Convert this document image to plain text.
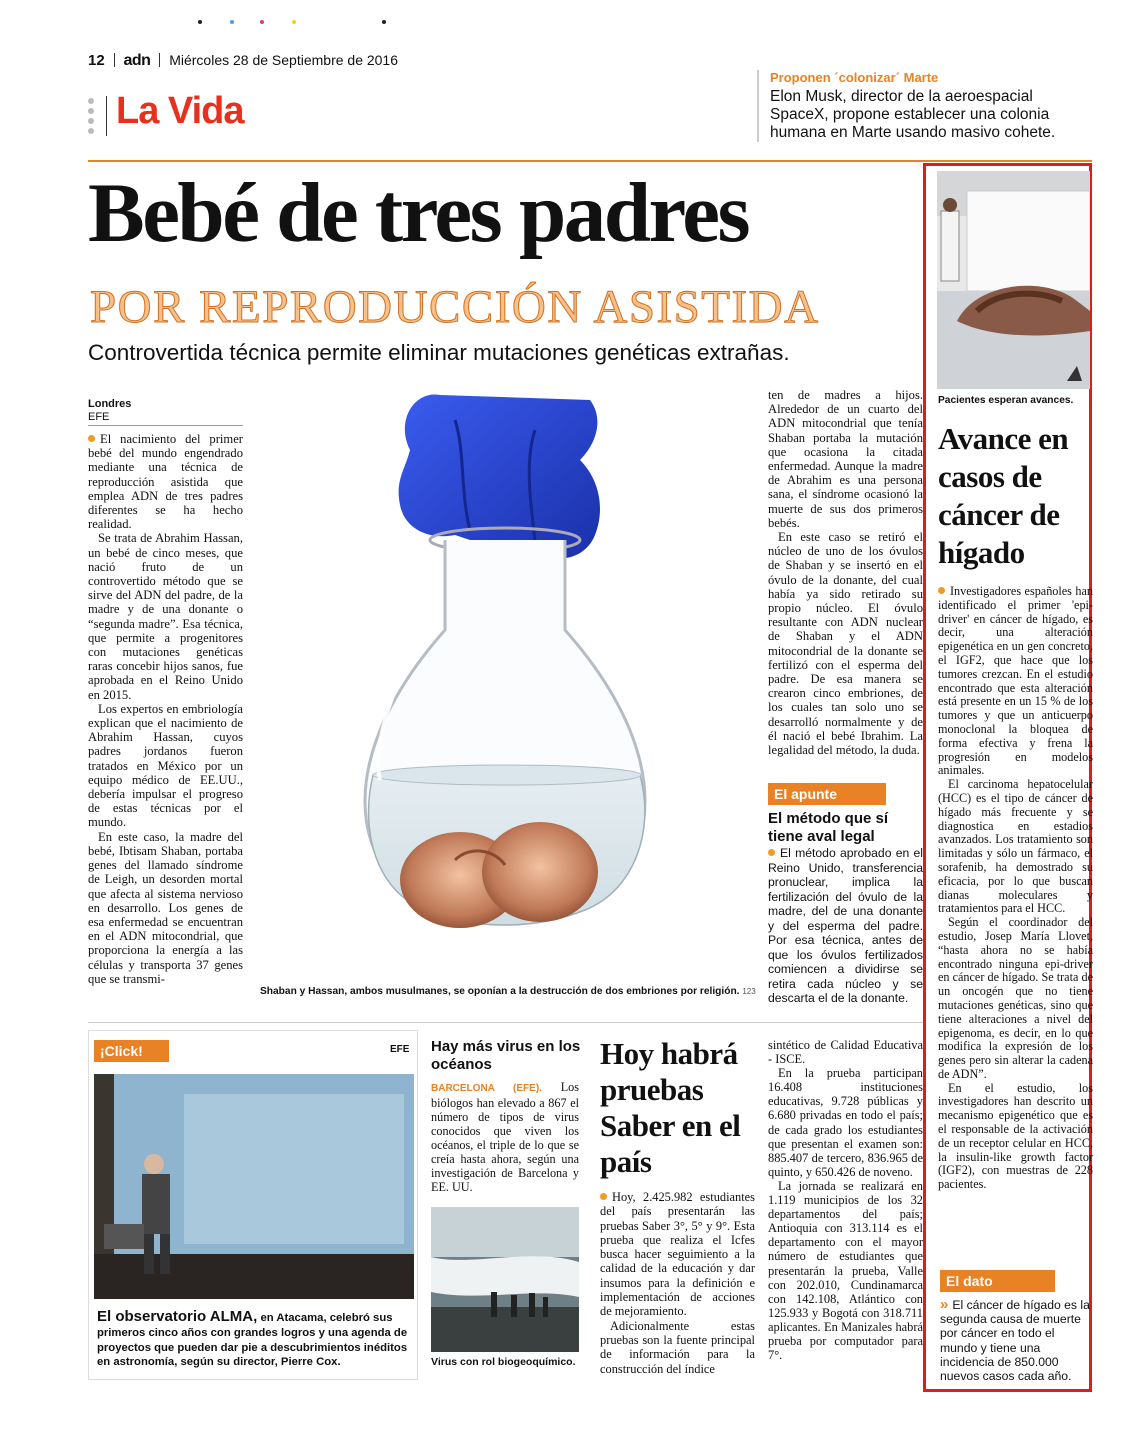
12 adn Miércoles 28 de Septiembre de 2016
La Vida
Proponen ´colonizar´ Marte
Elon Musk, director de la aeroespacial SpaceX, propone establecer una colonia humana en Marte usando masivo cohete.
Bebé de tres padres
POR REPRODUCCIÓN ASISTIDA
Controvertida técnica permite eliminar mutaciones genéticas extrañas.
Londres
EFE

El nacimiento del primer bebé del mundo engendrado mediante una técnica de reproducción asistida que emplea ADN de tres padres diferentes se ha hecho realidad.

Se trata de Abrahim Hassan, un bebé de cinco meses, que nació fruto de un controvertido método que se sirve del ADN del padre, de la madre y de una donante o “segunda madre”. Esa técnica, que permite a progenitores con mutaciones genéticas raras concebir hijos sanos, fue aprobada en el Reino Unido en 2015.

Los expertos en embriología explican que el nacimiento de Abrahim Hassan, cuyos padres jordanos fueron tratados en México por un equipo médico de EE.UU., debería impulsar el progreso de estas técnicas por el mundo.

En este caso, la madre del bebé, Ibtisam Shaban, portaba genes del llamado síndrome de Leigh, un desorden mortal que afecta al sistema nervioso en desarrollo. Los genes de esa enfermedad se encuentran en el ADN mitocondrial, que proporciona la energía a las células y transporta 37 genes que se transmi-

Shaban y Hassan, ambos musulmanes, se oponían a la destrucción de dos embriones por religión. 123

ten de madres a hijos. Alrededor de un cuarto del ADN mitocondrial que tenía Shaban portaba la mutación que ocasiona la citada enfermedad. Aunque la madre de Abrahim es una persona sana, el síndrome ocasionó la muerte de sus dos primeros bebés.

En este caso se retiró el núcleo de uno de los óvulos de Shaban y se insertó en el óvulo de la donante, del cual había ya sido retirado su propio núcleo. El óvulo resultante con ADN nuclear de Shaban y el ADN mitocondrial de la donante se fertilizó con el esperma del padre. De esa manera se crearon cinco embriones, de los cuales tan solo uno se desarrolló normalmente y de él nació el bebé Ibrahim. La legalidad del método, la duda.

El apunte
El método que sí tiene aval legal
El método aprobado en el Reino Unido, transferencia pronuclear, implica la fertilización del óvulo de la madre, del de una donante y del esperma del padre. Por esa técnica, antes de que los óvulos fertilizados comiencen a dividirse se retira cada núcleo y se descarta el de la donante.
Pacientes esperan avances.
Avance en casos de cáncer de hígado

Investigadores españoles han identificado el primer 'epi-driver' en cáncer de hígado, es decir, una alteración epigenética en un gen concreto, el IGF2, que hace que los tumores crezcan. En el estudio encontrado que esta alteración está presente en un 15 % de los tumores y que un anticuerpo monoclonal la bloquea de forma efectiva y frena la progresión en modelos animales.

El carcinoma hepatocelular (HCC) es el tipo de cáncer de hígado más frecuente y se diagnostica en estadios avanzados. Los tratamiento son limitadas y sólo un fármaco, el sorafenib, ha demostrado su eficacia, por lo que buscan dianas moleculares y tratamientos para el HCC.

Según el coordinador del estudio, Josep María Llovet, “hasta ahora no se había encontrado ninguna epi-driver en cáncer de hígado. Se trata de un oncogén que no tiene mutaciones genéticas, sino que tiene alteraciones a nivel del epigenoma, es decir, en lo que modifica la expresión de los genes pero sin alterar la cadena de ADN”.

En el estudio, los investigadores han descrito un mecanismo epigenético que es el responsable de la activación de un receptor celular en HCC, la insulin-like growth factor (IGF2), con muestras de 228 pacientes.

El dato
» El cáncer de hígado es la segunda causa de muerte por cáncer en todo el mundo y tiene una incidencia de 850.000 nuevos casos cada año.
¡Click!	EFE
El observatorio ALMA, en Atacama, celebró sus primeros cinco años con grandes logros y una agenda de proyectos que pueden dar pie a descubrimientos inéditos en astronomía, según su director, Pierre Cox.
Hay más virus en los océanos
BARCELONA (EFE). Los biólogos han elevado a 867 el número de tipos de virus conocidos que viven los océanos, el triple de lo que se creía hasta ahora, según una investigación de Barcelona y EE. UU.
Virus con rol biogeoquímico.
Hoy habrá pruebas Saber en el país

Hoy, 2.425.982 estudiantes del país presentarán las pruebas Saber 3°, 5° y 9°. Esta prueba que realiza el Icfes busca hacer seguimiento a la calidad de la educación y dar insumos para la definición e implementación de acciones de mejoramiento.

Adicionalmente estas pruebas son la fuente principal de información para la construcción del índice

sintético de Calidad Educativa - ISCE.

En la prueba participan 16.408 instituciones educativas, 9.728 públicas y 6.680 privadas en todo el país; de cada grado los estudiantes que presentan el examen son: 885.407 de tercero, 836.965 de quinto, y 650.426 de noveno.

La jornada se realizará en 1.119 municipios de los 32 departamentos del país; Antioquia con 313.114 es el departamento con el mayor número de estudiantes que presentarán la prueba, Valle con 202.010, Cundinamarca con 142.108, Atlántico con 125.933 y Bogotá con 318.711 aplicantes. En Manizales habrá prueba por computador para 7°.
